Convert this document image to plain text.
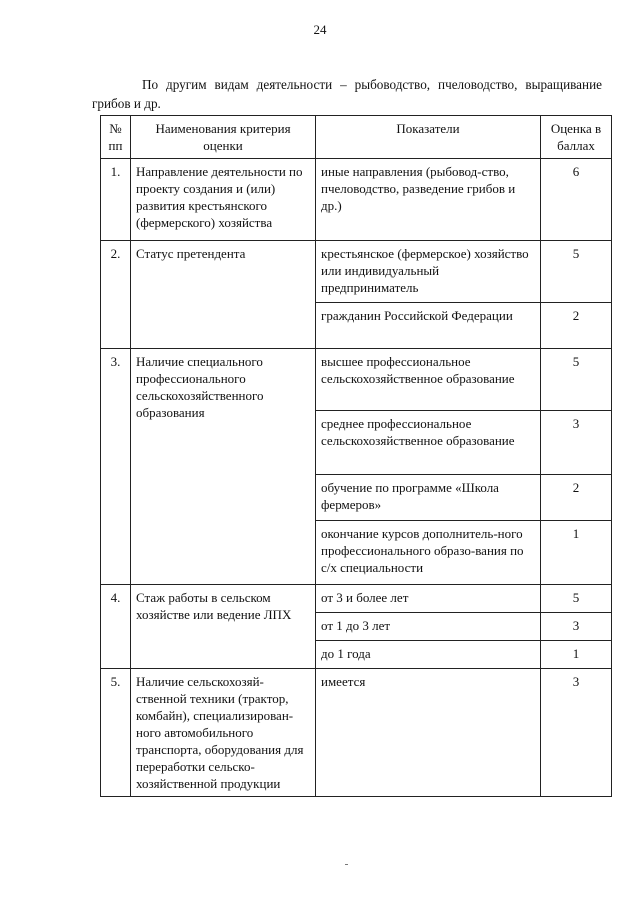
24

По другим видам деятельности – рыбоводство, пчеловодство, выращивание грибов и др.

№ пп	Наименования критерия оценки	Показатели	Оценка в баллах
1.	Направление деятельности по проекту создания и (или) развития крестьянского (фермерского) хозяйства	иные направления (рыбовод-ство, пчеловодство, разведение грибов и др.)	6
2.	Статус претендента	крестьянское (фермерское) хозяйство или индивидуальный предприниматель	5
		гражданин Российской Федерации	2
3.	Наличие специального профессионального сельскохозяйственного образования	высшее профессиональное сельскохозяйственное образование	5
		среднее профессиональное сельскохозяйственное образование	3
		обучение по программе «Школа фермеров»	2
		окончание курсов дополнитель-ного профессионального образо-вания по с/х специальности	1
4.	Стаж работы в сельском хозяйстве или ведение ЛПХ	от 3 и более лет	5
		от 1 до 3 лет	3
		до 1 года	1
5.	Наличие сельскохозяй-ственной техники (трактор, комбайн), специализирован-ного автомобильного транспорта, оборудования для переработки сельско-хозяйственной продукции	имеется	3
